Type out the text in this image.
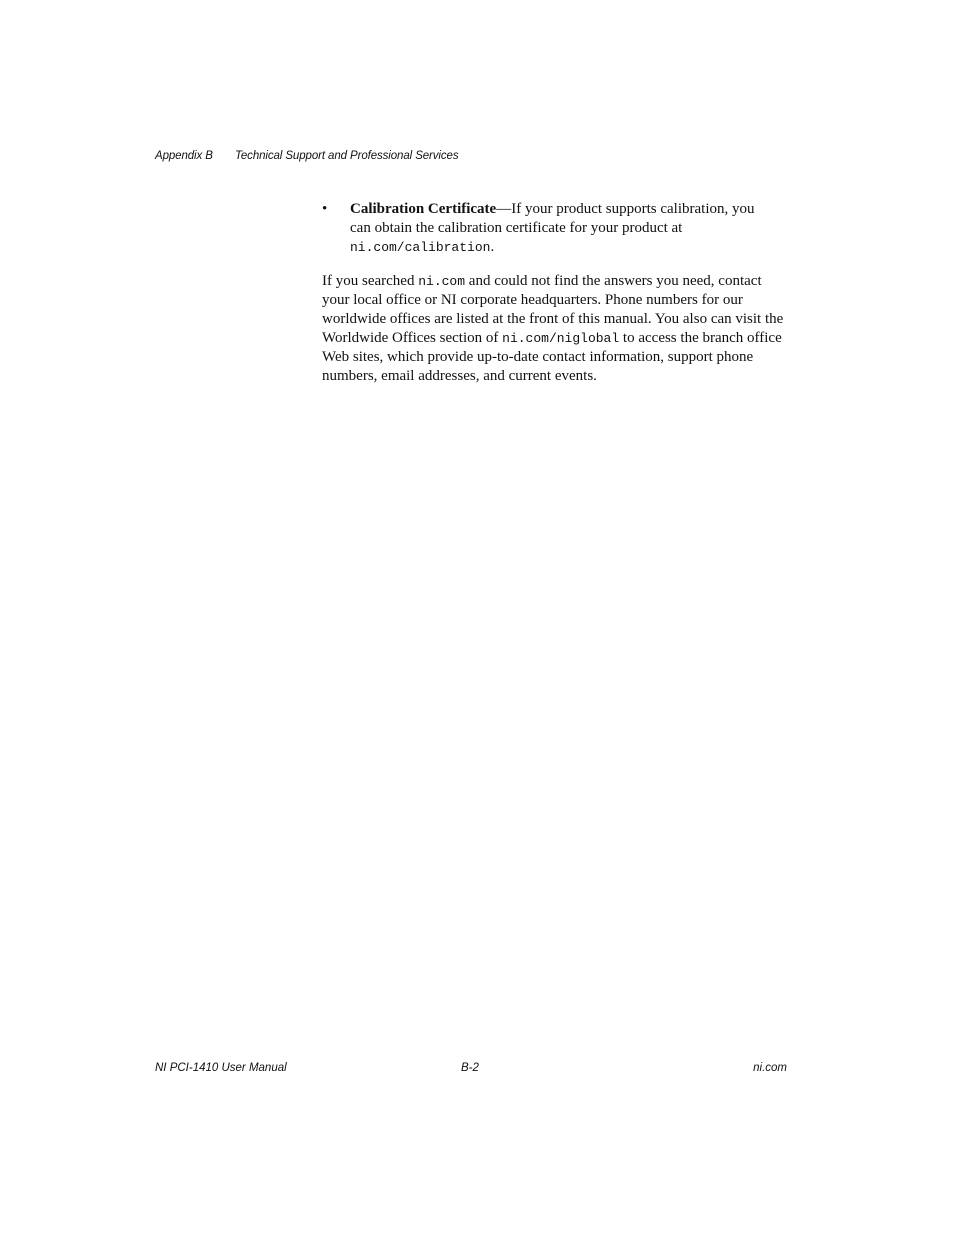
Appendix B Technical Support and Professional Services
• Calibration Certificate—If your product supports calibration, you can obtain the calibration certificate for your product at ni.com/calibration.

If you searched ni.com and could not find the answers you need, contact your local office or NI corporate headquarters. Phone numbers for our worldwide offices are listed at the front of this manual. You also can visit the Worldwide Offices section of ni.com/niglobal to access the branch office Web sites, which provide up-to-date contact information, support phone numbers, email addresses, and current events.

NI PCI-1410 User Manual	B-2	ni.com
